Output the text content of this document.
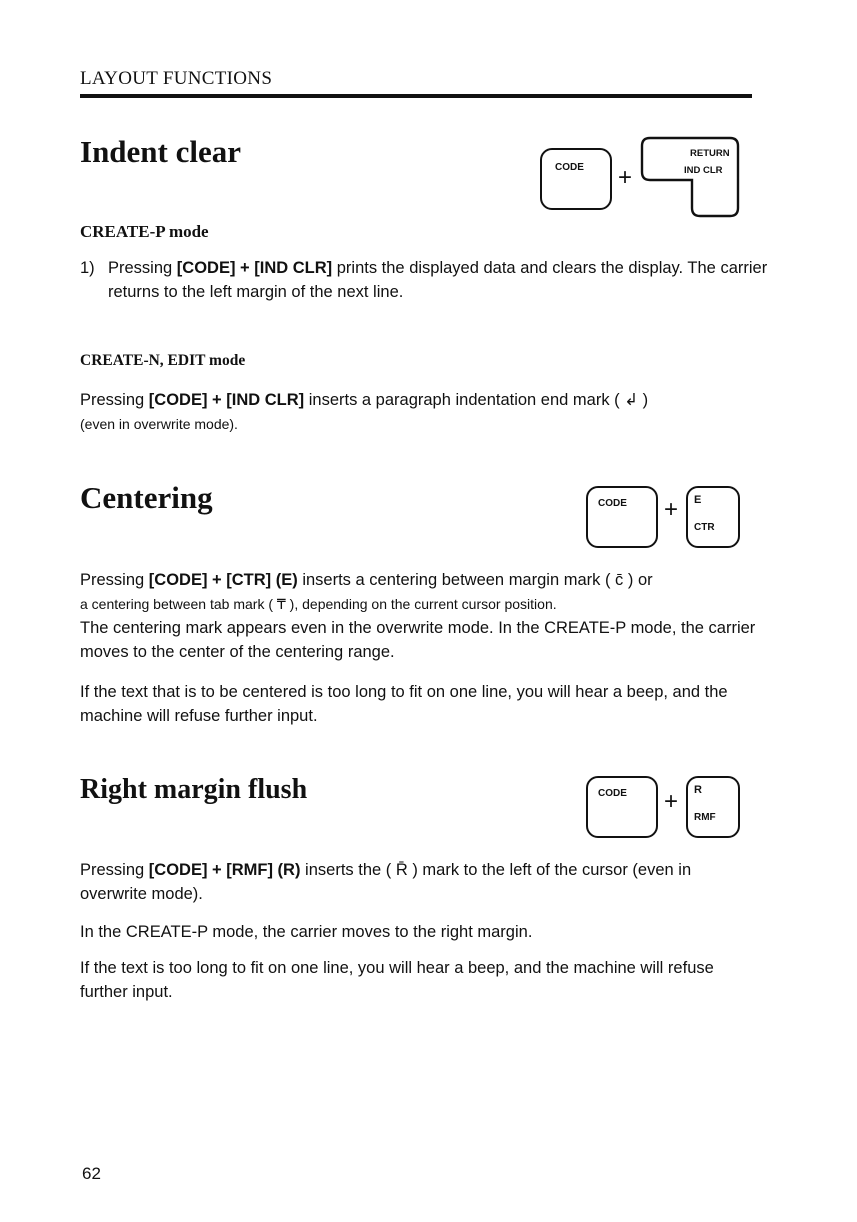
LAYOUT FUNCTIONS
Indent clear	CODE +
RETURN
IND CLR
CREATE-P mode
1) Pressing [CODE] + [IND CLR] prints the displayed data and clears the display. The carrier returns to the left margin of the next line.
CREATE-N, EDIT mode
Pressing [CODE] + [IND CLR] inserts a paragraph indentation end mark ( ↲ )
(even in overwrite mode).
Centering	CODE + E
CTR
Pressing [CODE] + [CTR] (E) inserts a centering between margin mark ( c̄ ) or
a centering between tab mark ( ₸ ), depending on the current cursor position.
The centering mark appears even in the overwrite mode. In the CREATE-P mode, the carrier moves to the center of the centering range.
If the text that is to be centered is too long to fit on one line, you will hear a beep, and the machine will refuse further input.
Right margin flush	CODE + R
RMF
Pressing [CODE] + [RMF] (R) inserts the ( R̄ ) mark to the left of the cursor (even in overwrite mode).
In the CREATE-P mode, the carrier moves to the right margin.
If the text is too long to fit on one line, you will hear a beep, and the machine will refuse further input.
62
